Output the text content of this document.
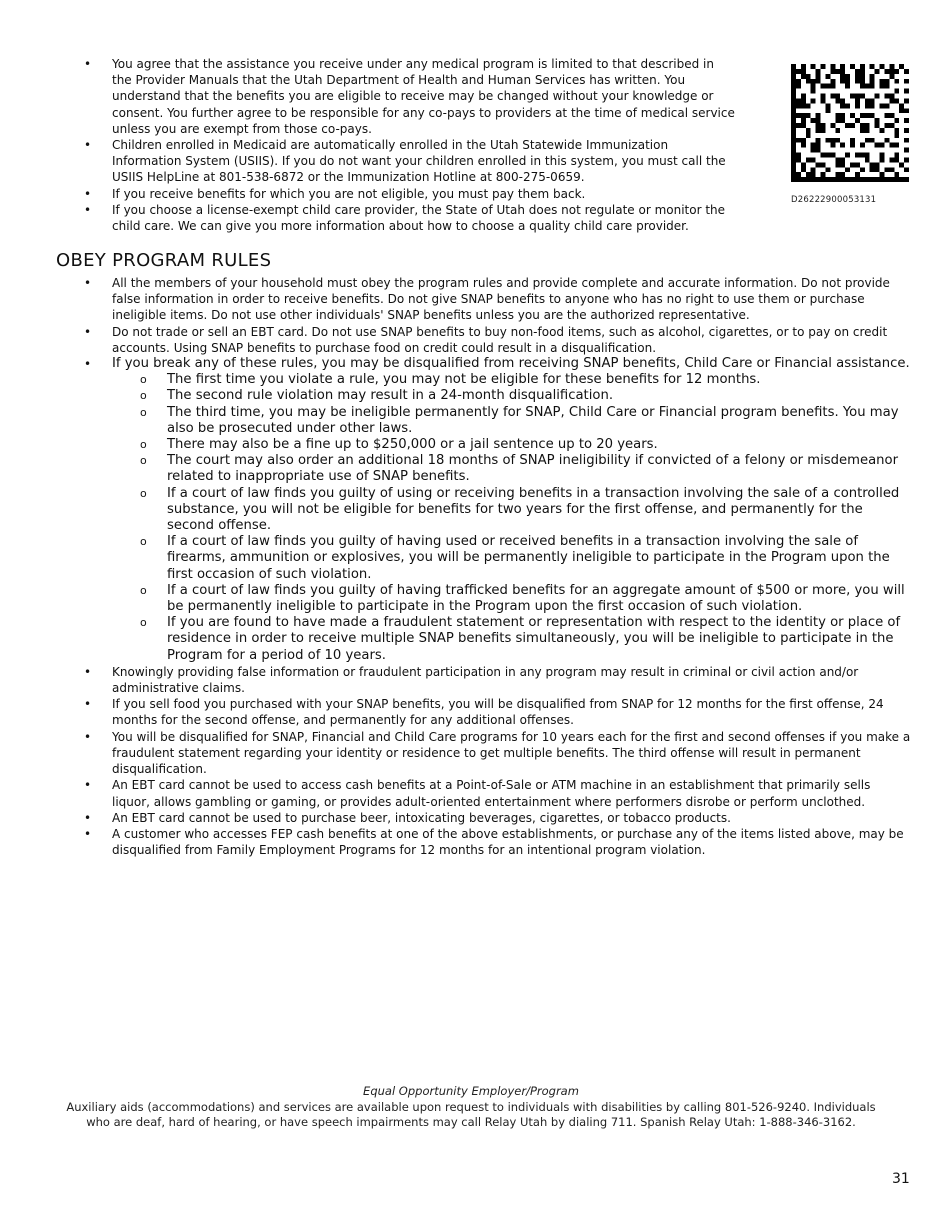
• You agree that the assistance you receive under any medical program is limited to that described in the Provider Manuals that the Utah Department of Health and Human Services has written. You understand that the benefits you are eligible to receive may be changed without your knowledge or consent. You further agree to be responsible for any co-pays to providers at the time of medical service unless you are exempt from those co-pays.
• Children enrolled in Medicaid are automatically enrolled in the Utah Statewide Immunization Information System (USIIS). If you do not want your children enrolled in this system, you must call the USIIS HelpLine at 801-538-6872 or the Immunization Hotline at 800-275-0659.
• If you receive benefits for which you are not eligible, you must pay them back.
• If you choose a license-exempt child care provider, the State of Utah does not regulate or monitor the child care. We can give you more information about how to choose a quality child care provider.
D26222900053131
OBEY PROGRAM RULES
• All the members of your household must obey the program rules and provide complete and accurate information. Do not provide false information in order to receive benefits. Do not give SNAP benefits to anyone who has no right to use them or purchase ineligible items. Do not use other individuals' SNAP benefits unless you are the authorized representative.
• Do not trade or sell an EBT card. Do not use SNAP benefits to buy non-food items, such as alcohol, cigarettes, or to pay on credit accounts. Using SNAP benefits to purchase food on credit could result in a disqualification.
• If you break any of these rules, you may be disqualified from receiving SNAP benefits, Child Care or Financial assistance.
o The first time you violate a rule, you may not be eligible for these benefits for 12 months.
o The second rule violation may result in a 24-month disqualification.
o The third time, you may be ineligible permanently for SNAP, Child Care or Financial program benefits. You may also be prosecuted under other laws.
o There may also be a fine up to $250,000 or a jail sentence up to 20 years.
o The court may also order an additional 18 months of SNAP ineligibility if convicted of a felony or misdemeanor related to inappropriate use of SNAP benefits.
o If a court of law finds you guilty of using or receiving benefits in a transaction involving the sale of a controlled substance, you will not be eligible for benefits for two years for the first offense, and permanently for the second offense.
o If a court of law finds you guilty of having used or received benefits in a transaction involving the sale of firearms, ammunition or explosives, you will be permanently ineligible to participate in the Program upon the first occasion of such violation.
o If a court of law finds you guilty of having trafficked benefits for an aggregate amount of $500 or more, you will be permanently ineligible to participate in the Program upon the first occasion of such violation.
o If you are found to have made a fraudulent statement or representation with respect to the identity or place of residence in order to receive multiple SNAP benefits simultaneously, you will be ineligible to participate in the Program for a period of 10 years.
• Knowingly providing false information or fraudulent participation in any program may result in criminal or civil action and/or administrative claims.
• If you sell food you purchased with your SNAP benefits, you will be disqualified from SNAP for 12 months for the first offense, 24 months for the second offense, and permanently for any additional offenses.
• You will be disqualified for SNAP, Financial and Child Care programs for 10 years each for the first and second offenses if you make a fraudulent statement regarding your identity or residence to get multiple benefits. The third offense will result in permanent disqualification.
• An EBT card cannot be used to access cash benefits at a Point-of-Sale or ATM machine in an establishment that primarily sells liquor, allows gambling or gaming, or provides adult-oriented entertainment where performers disrobe or perform unclothed.
• An EBT card cannot be used to purchase beer, intoxicating beverages, cigarettes, or tobacco products.
• A customer who accesses FEP cash benefits at one of the above establishments, or purchase any of the items listed above, may be disqualified from Family Employment Programs for 12 months for an intentional program violation.
Equal Opportunity Employer/Program
Auxiliary aids (accommodations) and services are available upon request to individuals with disabilities by calling 801-526-9240. Individuals who are deaf, hard of hearing, or have speech impairments may call Relay Utah by dialing 711. Spanish Relay Utah: 1-888-346-3162.
31
